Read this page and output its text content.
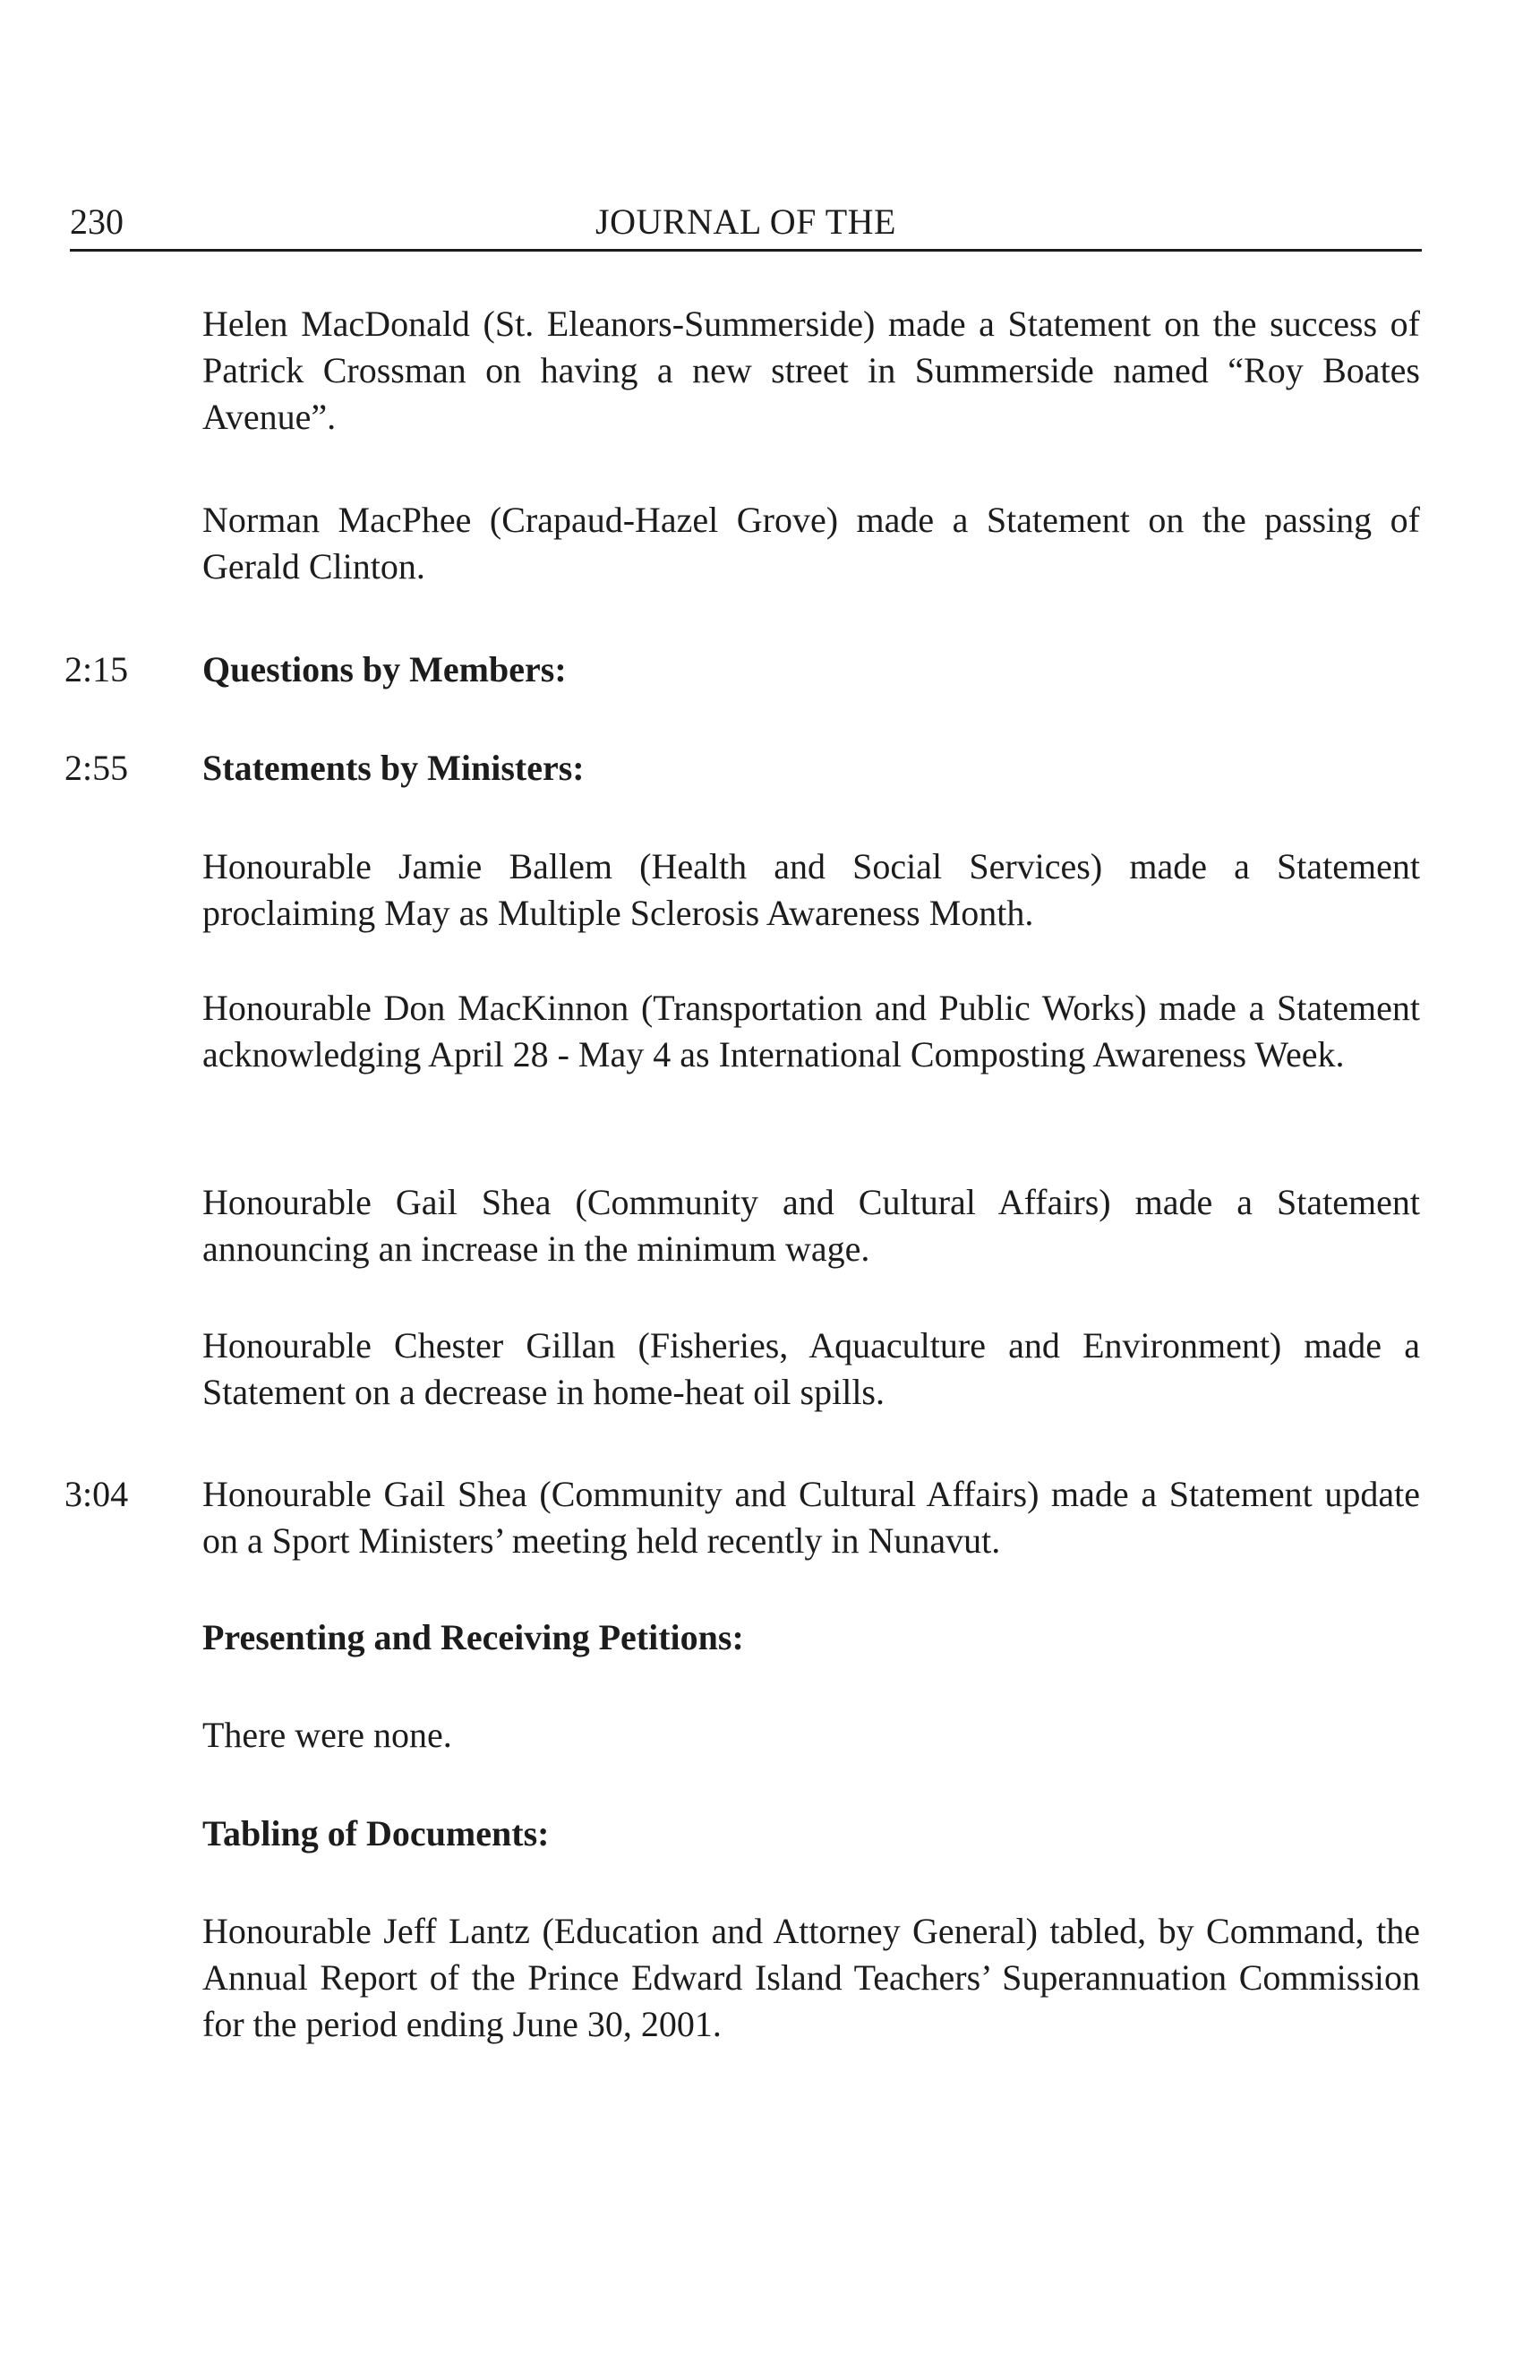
230	JOURNAL OF THE
Helen MacDonald (St. Eleanors-Summerside) made a Statement on the success of Patrick Crossman on having a new street in Summerside named “Roy Boates Avenue”.
Norman MacPhee (Crapaud-Hazel Grove) made a Statement on the passing of Gerald Clinton.
2:15	Questions by Members:
2:55	Statements by Ministers:
Honourable Jamie Ballem (Health and Social Services) made a Statement proclaiming May as Multiple Sclerosis Awareness Month.
Honourable Don MacKinnon (Transportation and Public Works) made a Statement acknowledging April 28 - May 4 as International Composting Awareness Week.
Honourable Gail Shea (Community and Cultural Affairs) made a Statement announcing an increase in the minimum wage.
Honourable Chester Gillan (Fisheries, Aquaculture and Environment) made a Statement on a decrease in home-heat oil spills.
3:04	Honourable Gail Shea (Community and Cultural Affairs) made a Statement update on a Sport Ministers’ meeting held recently in Nunavut.
Presenting and Receiving Petitions:
There were none.
Tabling of Documents:
Honourable Jeff Lantz (Education and Attorney General) tabled, by Command, the Annual Report of the Prince Edward Island Teachers’ Superannuation Commission for the period ending June 30, 2001.
